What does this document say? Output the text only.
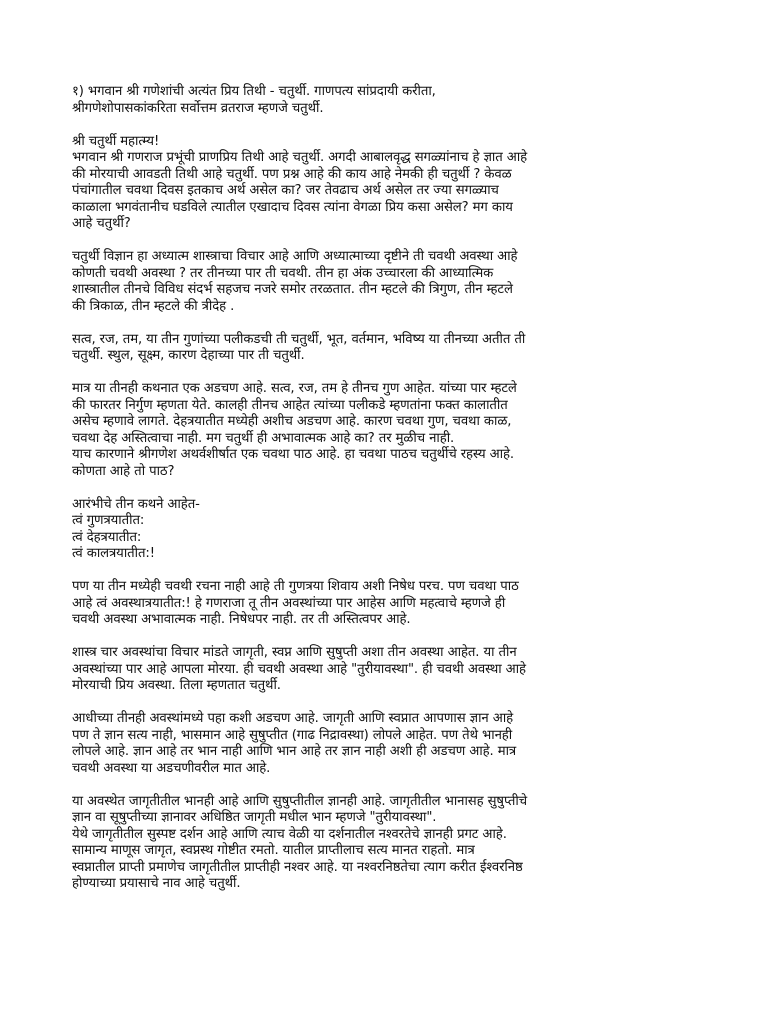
१) भगवान श्री गणेशांची अत्यंत प्रिय तिथी - चतुर्थी. गाणपत्य सांप्रदायी करीता,
श्रीगणेशोपासकांकरिता सर्वोत्तम व्रतराज म्हणजे चतुर्थी.
श्री चतुर्थी महात्म्य!
भगवान श्री गणराज प्रभूंची प्राणप्रिय तिथी आहे चतुर्थी. अगदी आबालवृद्ध सगळ्यांनाच हे ज्ञात आहे
की मोरयाची आवडती तिथी आहे चतुर्थी. पण प्रश्न आहे की काय आहे नेमकी ही चतुर्थी ? केवळ
पंचांगातील चवथा दिवस इतकाच अर्थ असेल का? जर तेवढाच अर्थ असेल तर ज्या सगळ्याच
काळाला भगवंतानीच घडविले त्यातील एखादाच दिवस त्यांना वेगळा प्रिय कसा असेल? मग काय
आहे चतुर्थी?
चतुर्थी विज्ञान हा अध्यात्म शास्त्राचा विचार आहे आणि अध्यात्माच्या दृष्टीने ती चवथी अवस्था आहे
कोणती चवथी अवस्था ? तर तीनच्या पार ती चवथी. तीन हा अंक उच्चारला की आध्यात्मिक
शास्त्रातील तीनचे विविध संदर्भ सहजच नजरे समोर तरळतात. तीन म्हटले की त्रिगुण, तीन म्हटले
की त्रिकाळ, तीन म्हटले की त्रीदेह .
सत्व, रज, तम, या तीन गुणांच्या पलीकडची ती चतुर्थी, भूत, वर्तमान, भविष्य या तीनच्या अतीत ती
चतुर्थी. स्थुल, सूक्ष्म, कारण देहाच्या पार ती चतुर्थी.
मात्र या तीनही कथनात एक अडचण आहे. सत्व, रज, तम हे तीनच गुण आहेत. यांच्या पार म्हटले
की फारतर निर्गुण म्हणता येते. कालही तीनच आहेत त्यांच्या पलीकडे म्हणतांना फक्त कालातीत
असेच म्हणावे लागते. देहत्रयातीत मध्येही अशीच अडचण आहे. कारण चवथा गुण, चवथा काळ,
चवथा देह अस्तित्वाचा नाही. मग चतुर्थी ही अभावात्मक आहे का? तर मुळीच नाही.
याच कारणाने श्रीगणेश अथर्वशीर्षात एक चवथा पाठ आहे. हा चवथा पाठच चतुर्थीचे रहस्य आहे.
कोणता आहे तो पाठ?
आरंभीचे तीन कथने आहेत-
त्वं गुणत्रयातीत:
त्वं देहत्रयातीत:
त्वं कालत्रयातीत:!
पण या तीन मध्येही चवथी रचना नाही आहे ती गुणत्रया शिवाय अशी निषेध परच. पण चवथा पाठ
आहे त्वं अवस्थात्रयातीत:! हे गणराजा तू तीन अवस्थांच्या पार आहेस आणि महत्वाचे म्हणजे ही
चवथी अवस्था अभावात्मक नाही. निषेधपर नाही. तर ती अस्तित्वपर आहे.
शास्त्र चार अवस्थांचा विचार मांडते जागृती, स्वप्न आणि सुषुप्ती अशा तीन अवस्था आहेत. या तीन
अवस्थांच्या पार आहे आपला मोरया. ही चवथी अवस्था आहे "तुरीयावस्था". ही चवथी अवस्था आहे
मोरयाची प्रिय अवस्था. तिला म्हणतात चतुर्थी.
आधीच्या तीनही अवस्थांमध्ये पहा कशी अडचण आहे. जागृती आणि स्वप्नात आपणास ज्ञान आहे
पण ते ज्ञान सत्य नाही, भासमान आहे सुषुप्तीत (गाढ निद्रावस्था) लोपले आहेत. पण तेथे भानही
लोपले आहे. ज्ञान आहे तर भान नाही आणि भान आहे तर ज्ञान नाही अशी ही अडचण आहे. मात्र
चवथी अवस्था या अडचणीवरील मात आहे.
या अवस्थेत जागृतीतील भानही आहे आणि सुषुप्तीतील ज्ञानही आहे. जागृतीतील भानासह सुषुप्तीचे
ज्ञान वा सूषुप्तीच्या ज्ञानावर अधिष्ठित जागृती मधील भान म्हणजे "तुरीयावस्था".
येथे जागृतीतील सुस्पष्ट दर्शन आहे आणि त्याच वेळी या दर्शनातील नश्वरतेचे ज्ञानही प्रगट आहे.
सामान्य माणूस जागृत, स्वप्नस्थ गोष्टीत रमतो. यातील प्राप्तीलाच सत्य मानत राहतो. मात्र
स्वप्नातील प्राप्ती प्रमाणेच जागृतीतील प्राप्तीही नश्वर आहे. या नश्वरनिष्ठतेचा त्याग करीत ईश्वरनिष्ठ
होण्याच्या प्रयासाचे नाव आहे चतुर्थी.
